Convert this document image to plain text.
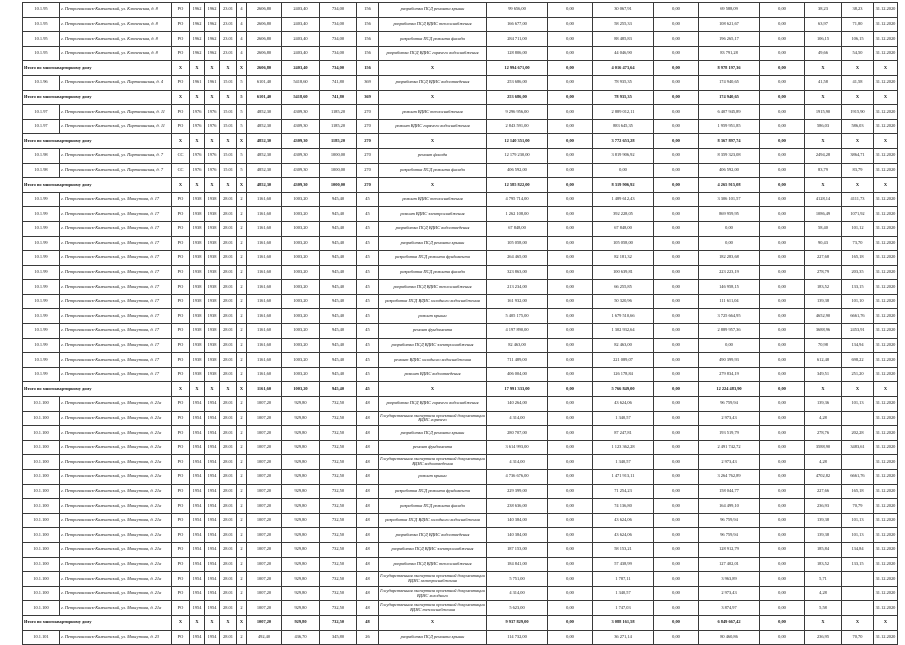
10.1.95	г. Петропавловск-Камчатский, ул. Ключевская, д. 8	РО	1962	1962	23.01	4	2606,80	2403,40	734,00	156	разработка ПСД ремонта крыши	99 656,00	0,00	30 067,91	0,00	69 588,09	0,00	38,23	38,23	31.12.2020
10.1.95	г. Петропавловск-Камчатский, ул. Ключевская, д. 8	РО	1962	1962	23.01	4	2606,80	2403,40	734,00	156	разработка ПСД ВДИС теплоснабжения	166 677,00	0,00	58 255,33	0,00	108 621,67	0,00	63,97	71,80	31.12.2020
10.1.95	г. Петропавловск-Камчатский, ул. Ключевская, д. 8	РО	1962	1962	23.01	4	2606,80	2403,40	734,00	156	разработка ПСД ремонта фасада	284 711,00	0,00	88 485,83	0,00	196 265,17	0,00	106,15	106,15	31.12.2020
10.1.95	г. Петропавловск-Камчатский, ул. Ключевская, д. 8	РО	1962	1962	23.01	4	2606,80	2403,40	734,00	156	разработка ПСД ВДИС горячего водоснабжения	128 806,00	0,00	44 046,90	0,00	83 791,28	0,00	49,66	54,50	31.12.2020
Итого по многоквартирному дому		Х	Х	Х	Х	Х	2606,80	2403,40	734,00	156	Х	12 994 671,00	0,00	4 016 473,64	0,00	8 978 197,36	0,00	Х	Х	Х
10.1.96	г. Петропавловск-Камчатский, ул. Партизанская, д. 4	РО	1961	1961	15.01	5	6101,40	5418,60	741,80	369	разработка ПСД ВДИС водоотведения	253 686,00	0,00	78 935,35	0,00	174 940,65	0,00	41,58	41,58	31.12.2020
Итого по многоквартирному дому		Х	Х	Х	Х	5	6101,40	5418,60	741,80	369	Х	253 686,00	0,00	78 935,35	0,00	174 940,65	0,00	Х	Х	Х
10.1.97	г. Петропавловск-Камчатский, ул. Партизанская, д. 11	РО	1976	1976	15.01	5	4852,30	4309,30	1185,20	270	ремонт ВДИС теплоснабжения	9 296 956,00	0,00	2 889 012,11	0,00	6 407 945,89	0,00	1915,90	1915,90	31.12.2020
10.1.97	г. Петропавловск-Камчатский, ул. Партизанская, д. 11	РО	1976	1976	15.01	5	4852,30	4309,30	1185,20	270	ремонт ВДИС горячего водоснабжения	2 843 591,00	0,00	883 645,35	0,00	1 959 951,85	0,00	586,03	586,03	31.12.2020
Итого по многоквартирному дому		Х	Х	Х	Х	Х	4852,30	4309,30	1185,20	270	Х	12 140 351,00	0,00	3 772 653,28	0,00	8 367 897,74	0,00	Х	Х	Х
10.1.98	г. Петропавловск-Камчатский, ул. Партизанская, д. 7	СС	1976	1976	15.01	5	4852,30	4309,30	1000,00	270	ремонт фасада	12 179 230,00	0,00	3 819 906,92	0,00	8 359 323,08	0,00	2494,28	3864,71	31.12.2020
10.1.98	г. Петропавловск-Камчатский, ул. Партизанская, д. 7	СС	1976	1976	15.01	5	4852,30	4309,30	1000,00	270	разработка ПСД ремонта фасада	406 592,00	0,00	0,00	0,00	406 592,00	0,00	83,79	83,79	31.12.2020
Итого по многоквартирному дому		Х	Х	Х	Х	Х	4852,30	4309,30	1000,00	270	Х	12 585 822,00	0,00	8 319 906,92	0,00	4 265 915,08	0,00	Х	Х	Х
10.1.99	г. Петропавловск-Камчатский, ул. Максутова, д. 17	РО	1938	1938	28.01	2	1161,60	1003,20	945,40	45	ремонт ВДИС теплоснабжения	4 795 714,00	0,00	1 489 612,43	0,00	3 306 101,57	0,00	4128,14	4111,73	31.12.2020
10.1.99	г. Петропавловск-Камчатский, ул. Максутова, д. 17	РО	1938	1938	28.01	2	1161,60	1003,20	945,40	45	ремонт ВДИС электроснабжения	1 262 108,00	0,00	392 228,05	0,00	869 959,95	0,00	1086,49	1071,92	31.12.2020
10.1.99	г. Петропавловск-Камчатский, ул. Максутова, д. 17	РО	1938	1938	28.01	2	1161,60	1003,20	945,40	45	разработка ПСД ВДИС водоотведения	67 848,00	0,00	67 848,00	0,00	0,00	0,00	58,40	101,12	31.12.2020
10.1.99	г. Петропавловск-Камчатский, ул. Максутова, д. 17	РО	1938	1938	28.01	2	1161,60	1003,20	945,40	45	разработка ПСД ремонта крыши	105 058,00	0,00	105 058,00	0,00	0,00	0,00	90,43	73,70	31.12.2020
10.1.99	г. Петропавловск-Камчатский, ул. Максутова, д. 17	РО	1938	1938	28.01	2	1161,60	1003,20	945,40	45	разработка ПСД ремонта фундамента	264 465,00	0,00	82 181,32	0,00	182 283,68	0,00	227,68	165,18	31.12.2020
10.1.99	г. Петропавловск-Камчатский, ул. Максутова, д. 17	РО	1938	1938	28.01	2	1161,60	1003,20	945,40	45	разработка ПСД ремонта фасада	323 863,00	0,00	100 639,81	0,00	223 223,19	0,00	278,79	203,35	31.12.2020
10.1.99	г. Петропавловск-Камчатский, ул. Максутова, д. 17	РО	1938	1938	28.01	2	1161,60	1003,20	945,40	45	разработка ПСД ВДИС теплоснабжения	213 234,00	0,00	66 255,85	0,00	146 958,15	0,00	183,52	133,15	31.12.2020
10.1.99	г. Петропавловск-Камчатский, ул. Максутова, д. 17	РО	1938	1938	28.01	2	1161,60	1003,20	945,40	45	разработка ПСД ВДИС холодного водоснабжения	161 932,00	0,00	50 320,96	0,00	111 611,04	0,00	139,38	101,10	31.12.2020
10.1.99	г. Петропавловск-Камчатский, ул. Максутова, д. 17	РО	1938	1938	28.01	2	1161,60	1003,20	945,40	45	ремонт крыши	5 405 175,00	0,00	1 679 510,66	0,00	3 725 664,95	0,00	4652,90	6661,76	31.12.2020
10.1.99	г. Петропавловск-Камчатский, ул. Максутова, д. 17	РО	1938	1938	28.01	2	1161,60	1003,20	945,40	45	ремонт фундамента	4 197 890,00	0,00	1 302 932,64	0,00	2 889 957,36	0,00	3688,96	2453,91	31.12.2020
10.1.99	г. Петропавловск-Камчатский, ул. Максутова, д. 17	РО	1938	1938	28.01	2	1161,60	1003,20	945,40	45	разработка ПСД ВДИС электроснабжения	82 463,00	0,00	82 463,00	0,00	0,00	0,00	70,98	134,94	31.12.2020
10.1.99	г. Петропавловск-Камчатский, ул. Максутова, д. 17	РО	1938	1938	28.01	2	1161,60	1003,20	945,40	45	ремонт ВДИС холодного водоснабжения	711 489,00	0,00	221 089,07	0,00	490 399,93	0,00	612,48	698,22	31.12.2020
10.1.99	г. Петропавловск-Камчатский, ул. Максутова, д. 17	РО	1938	1938	28.01	2	1161,60	1003,20	945,40	45	ремонт ВДИС водоотведения	406 004,00	0,00	126 178,84	0,00	279 834,19	0,00	349,51	251,20	31.12.2020
Итого по многоквартирному дому		Х	Х	Х	Х	Х	1161,60	1003,20	945,40	45	Х	17 991 333,00	0,00	5 766 849,00	0,00	12 224 483,90	0,00	Х	Х	Х
10.1.100	г. Петропавловск-Камчатский, ул. Максутова, д. 21а	РО	1954	1954	28.01	2	1007,20	929,80	732,50	48	разработка ПСД ВДИС горячего водоснабжения	140 264,00	0,00	43 624,06	0,00	96 759,94	0,00	139,36	101,13	31.12.2020
10.1.100	г. Петропавловск-Камчатский, ул. Максутова, д. 21а	РО	1954	1954	28.01	2	1007,20	929,80	732,50	48	Государственная экспертиза проектной документации ВДИС горячего	4 314,00	0,00	1 340,57	0,00	2 973,43	0,00	4,28		31.12.2020
10.1.100	г. Петропавловск-Камчатский, ул. Максутова, д. 21а	РО	1954	1954	28.01	2	1007,20	929,80	732,50	48	разработка ПСД ремонта крыши	280 707,00	0,00	87 247,81	0,00	193 519,79	0,00	278,76	202,28	31.12.2020
10.1.100	г. Петропавловск-Камчатский, ул. Максутова, д. 21а	РО	1954	1954	28.01	2	1007,20	929,80	732,50	48	ремонт фундамента	3 614 993,00	0,00	1 123 362,28	0,00	2 491 742,72	0,00	3588,90	3483,61	31.12.2020
10.1.100	г. Петропавловск-Камчатский, ул. Максутова, д. 21а	РО	1954	1954	28.01	2	1007,20	929,80	732,50	48	Государственная экспертиза проектной документации ВДИС водоотведения	4 314,00	0,00	1 340,57	0,00	2 973,43	0,00	4,28		31.12.2020
10.1.100	г. Петропавловск-Камчатский, ул. Максутова, д. 21а	РО	1954	1954	28.01	2	1007,20	929,80	732,50	48	ремонт крыши	4 736 676,00	0,00	1 471 913,11	0,00	3 264 762,89	0,00	4702,82	6661,76	31.12.2020
10.1.100	г. Петропавловск-Камчатский, ул. Максутова, д. 21а	РО	1954	1954	28.01	2	1007,20	929,80	732,50	48	разработка ПСД ремонта фундамента	229 399,00	0,00	71 254,23	0,00	158 044,77	0,00	227,66	165,18	31.12.2020
10.1.100	г. Петропавловск-Камчатский, ул. Максутова, д. 21а	РО	1954	1954	28.01	2	1007,20	929,80	732,50	48	разработка ПСД ремонта фасада	238 636,00	0,00	74 136,80	0,00	164 499,10	0,00	236,93	70,79	31.12.2020
10.1.100	г. Петропавловск-Камчатский, ул. Максутова, д. 21а	РО	1954	1954	28.01	2	1007,20	929,80	732,50	48	разработка ПСД ВДИС холодного водоснабжения	140 384,00	0,00	43 624,06	0,00	96 759,94	0,00	139,38	101,13	31.12.2020
10.1.100	г. Петропавловск-Камчатский, ул. Максутова, д. 21а	РО	1954	1954	28.01	2	1007,20	929,80	732,50	48	разработка ПСД ВДИС водоотведения	140 384,00	0,00	43 624,06	0,00	96 759,94	0,00	139,38	101,13	31.12.2020
10.1.100	г. Петропавловск-Камчатский, ул. Максутова, д. 21а	РО	1954	1954	28.01	2	1007,20	929,80	732,50	48	разработка ПСД ВДИС электроснабжения	187 153,00	0,00	58 153,21	0,00	128 912,79	0,00	185,84	134,84	31.12.2020
10.1.100	г. Петропавловск-Камчатский, ул. Максутова, д. 21а	РО	1954	1954	28.01	2	1007,20	929,80	732,50	48	разработка ПСД ВДИС теплоснабжения	184 841,00	0,00	57 438,99	0,00	127 402,01	0,00	183,52	133,15	31.12.2020
10.1.100	г. Петропавловск-Камчатский, ул. Максутова, д. 21а	РО	1954	1954	28.01	2	1007,20	929,80	732,50	48	Государственная экспертиза проектной документации ВДИС электроснабжения	5 751,00	0,00	1 787,11	0,00	3 963,89	0,00	5,71		31.12.2020
10.1.100	г. Петропавловск-Камчатский, ул. Максутова, д. 21а	РО	1954	1954	28.01	2	1007,20	929,80	732,50	48	Государственная экспертиза проектной документации ВДИС холодного	4 314,00	0,00	1 340,57	0,00	2 973,43	0,00	4,28		31.12.2020
10.1.100	г. Петропавловск-Камчатский, ул. Максутова, д. 21а	РО	1954	1954	28.01	2	1007,20	929,80	732,50	48	Государственная экспертиза проектной документации ВДИС теплоснабжения	5 623,00	0,00	1 747,03	0,00	3 874,97	0,00	5,58		31.12.2020
Итого по многоквартирному дому		Х	Х	Х	Х	Х	1007,20	929,80	732,50	48	Х	9 937 829,00	0,00	3 088 161,58	0,00	6 849 667,42	0,00	Х	Х	Х
10.1.101	г. Петропавловск-Камчатский, ул. Максутова, д. 23	РО	1954	1954	28.01	2	492,40	436,70	345,80	26	разработка ПСД ремонта крыши	114 732,00	0,00	36 271,14	0,00	80 460,86	0,00	236,95	70,70	31.12.2020
